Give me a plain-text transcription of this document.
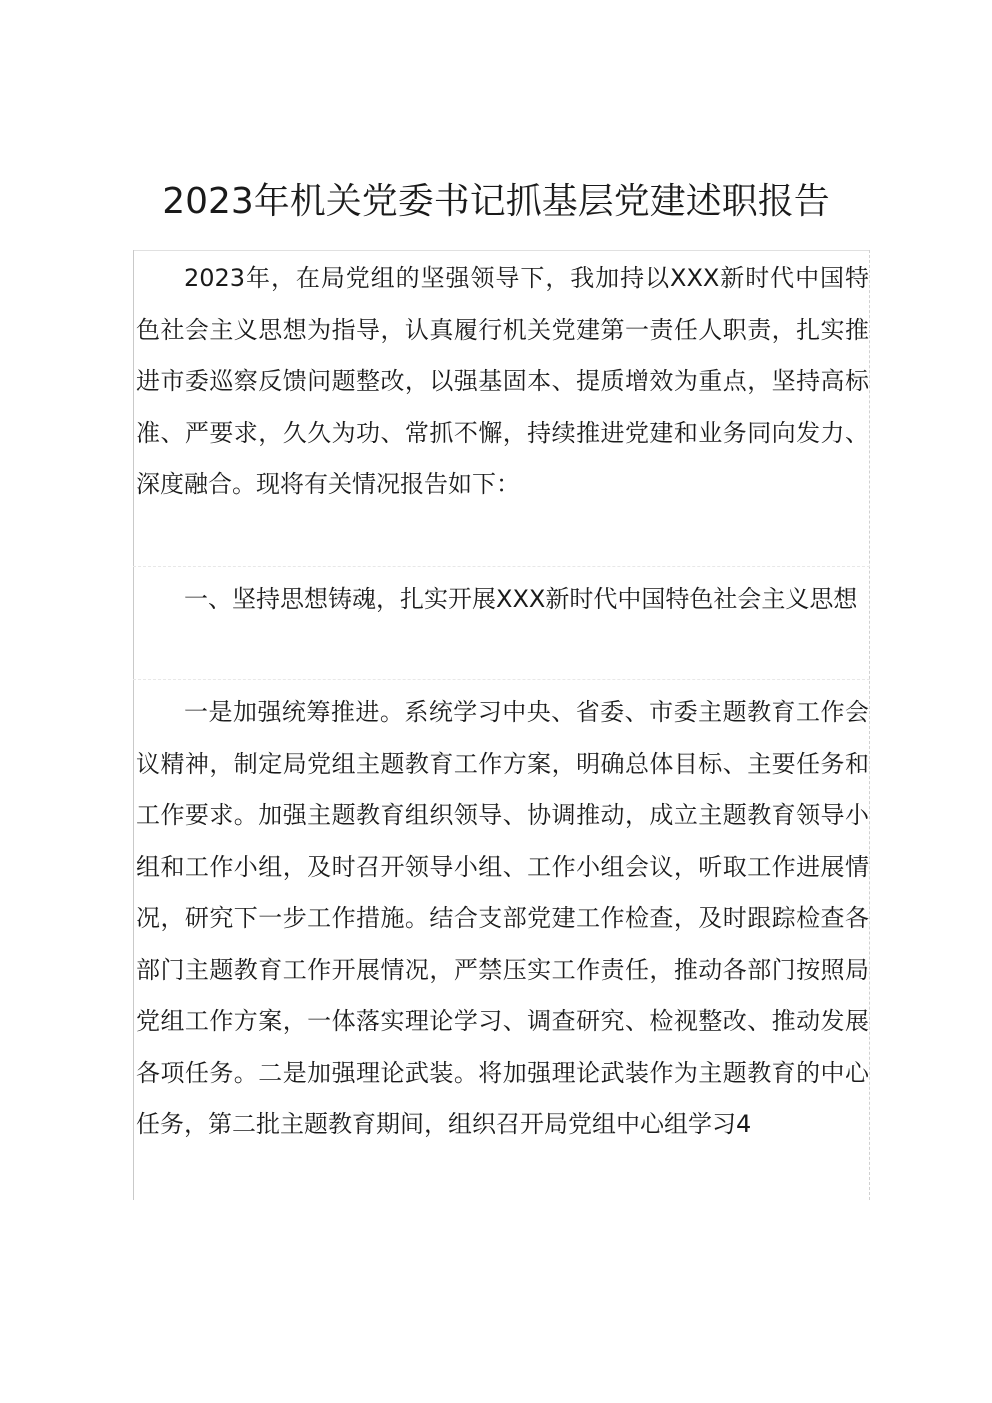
2023年机关党委书记抓基层党建述职报告

2023年，在局党组的坚强领导下，我加持以XXX新时代中国特色社会主义思想为指导，认真履行机关党建第一责任人职责，扎实推进市委巡察反馈问题整改，以强基固本、提质增效为重点，坚持高标准、严要求，久久为功、常抓不懈，持续推进党建和业务同向发力、深度融合。现将有关情况报告如下：

一、坚持思想铸魂，扎实开展XXX新时代中国特色社会主义思想

一是加强统筹推进。系统学习中央、省委、市委主题教育工作会议精神，制定局党组主题教育工作方案，明确总体目标、主要任务和工作要求。加强主题教育组织领导、协调推动，成立主题教育领导小组和工作小组，及时召开领导小组、工作小组会议，听取工作进展情况，研究下一步工作措施。结合支部党建工作检查，及时跟踪检查各部门主题教育工作开展情况，严禁压实工作责任，推动各部门按照局党组工作方案，一体落实理论学习、调查研究、检视整改、推动发展各项任务。二是加强理论武装。将加强理论武装作为主题教育的中心任务，第二批主题教育期间，组织召开局党组中心组学习4
